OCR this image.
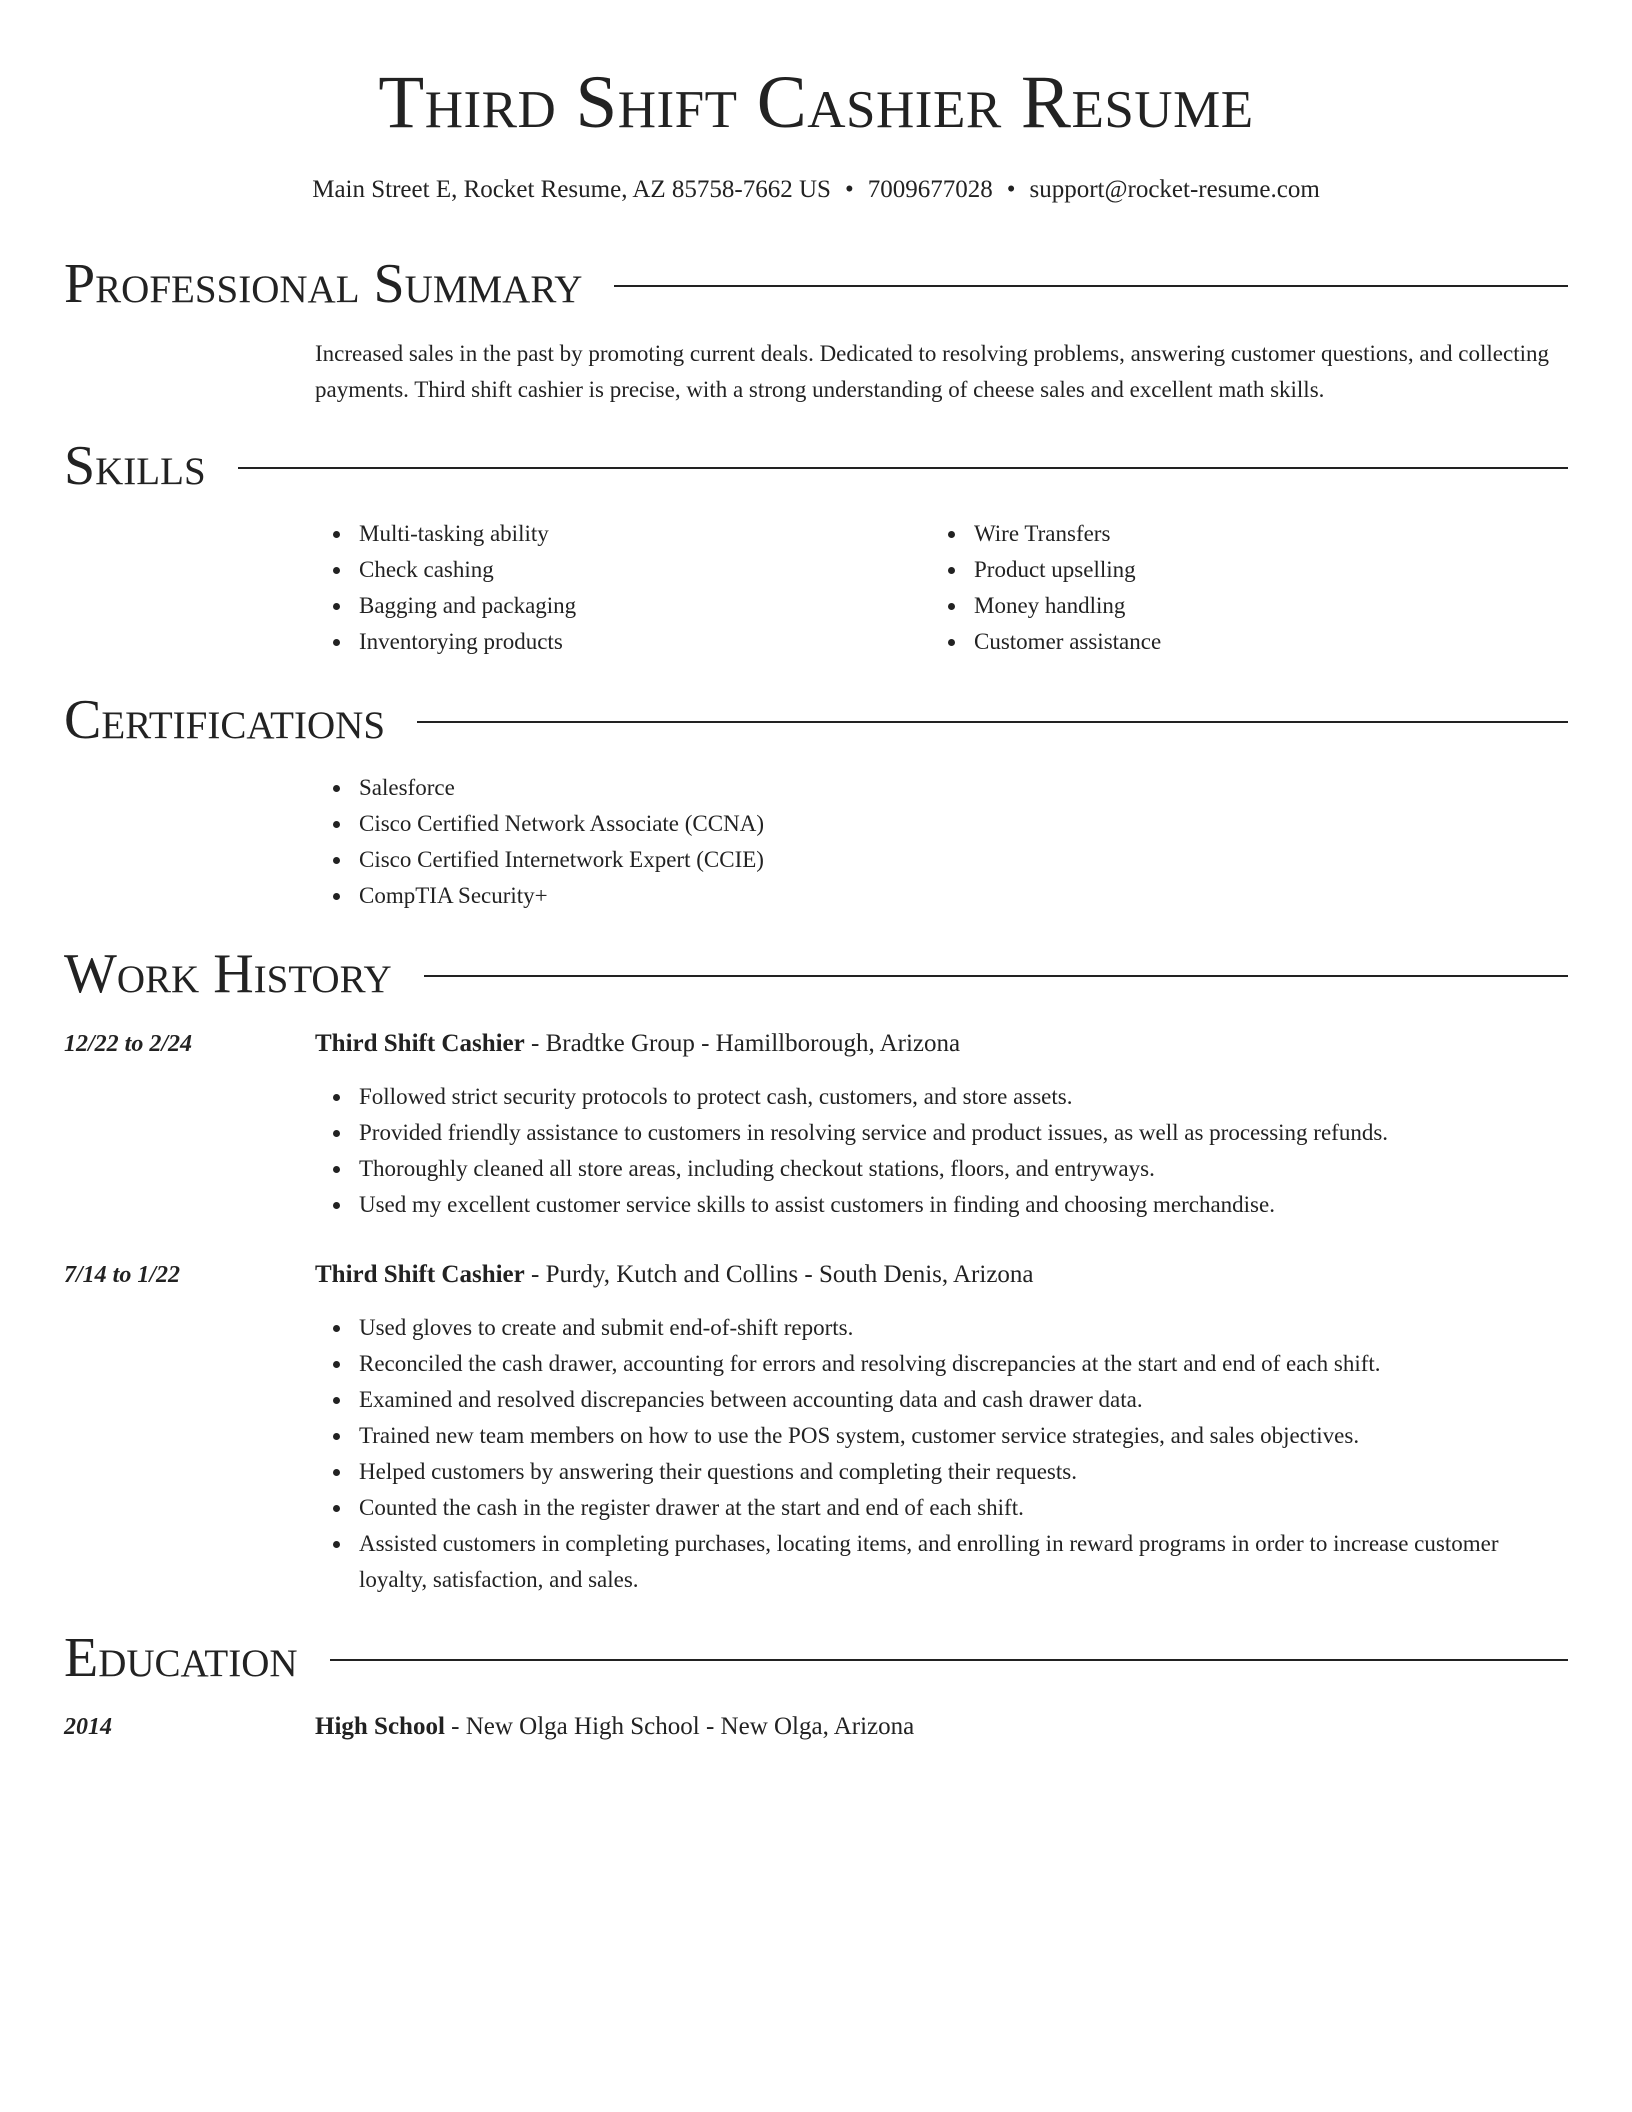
Third Shift Cashier Resume
Main Street E, Rocket Resume, AZ 85758-7662 US • 7009677028 • support@rocket-resume.com
Professional Summary
Increased sales in the past by promoting current deals. Dedicated to resolving problems, answering customer questions, and collecting payments. Third shift cashier is precise, with a strong understanding of cheese sales and excellent math skills.
Skills
Multi-tasking ability
Check cashing
Bagging and packaging
Inventorying products
Wire Transfers
Product upselling
Money handling
Customer assistance
Certifications
Salesforce
Cisco Certified Network Associate (CCNA)
Cisco Certified Internetwork Expert (CCIE)
CompTIA Security+
Work History
12/22 to 2/24	Third Shift Cashier - Bradtke Group - Hamillborough, Arizona
Followed strict security protocols to protect cash, customers, and store assets.
Provided friendly assistance to customers in resolving service and product issues, as well as processing refunds.
Thoroughly cleaned all store areas, including checkout stations, floors, and entryways.
Used my excellent customer service skills to assist customers in finding and choosing merchandise.
7/14 to 1/22	Third Shift Cashier - Purdy, Kutch and Collins - South Denis, Arizona
Used gloves to create and submit end-of-shift reports.
Reconciled the cash drawer, accounting for errors and resolving discrepancies at the start and end of each shift.
Examined and resolved discrepancies between accounting data and cash drawer data.
Trained new team members on how to use the POS system, customer service strategies, and sales objectives.
Helped customers by answering their questions and completing their requests.
Counted the cash in the register drawer at the start and end of each shift.
Assisted customers in completing purchases, locating items, and enrolling in reward programs in order to increase customer loyalty, satisfaction, and sales.
Education
2014	High School - New Olga High School - New Olga, Arizona
